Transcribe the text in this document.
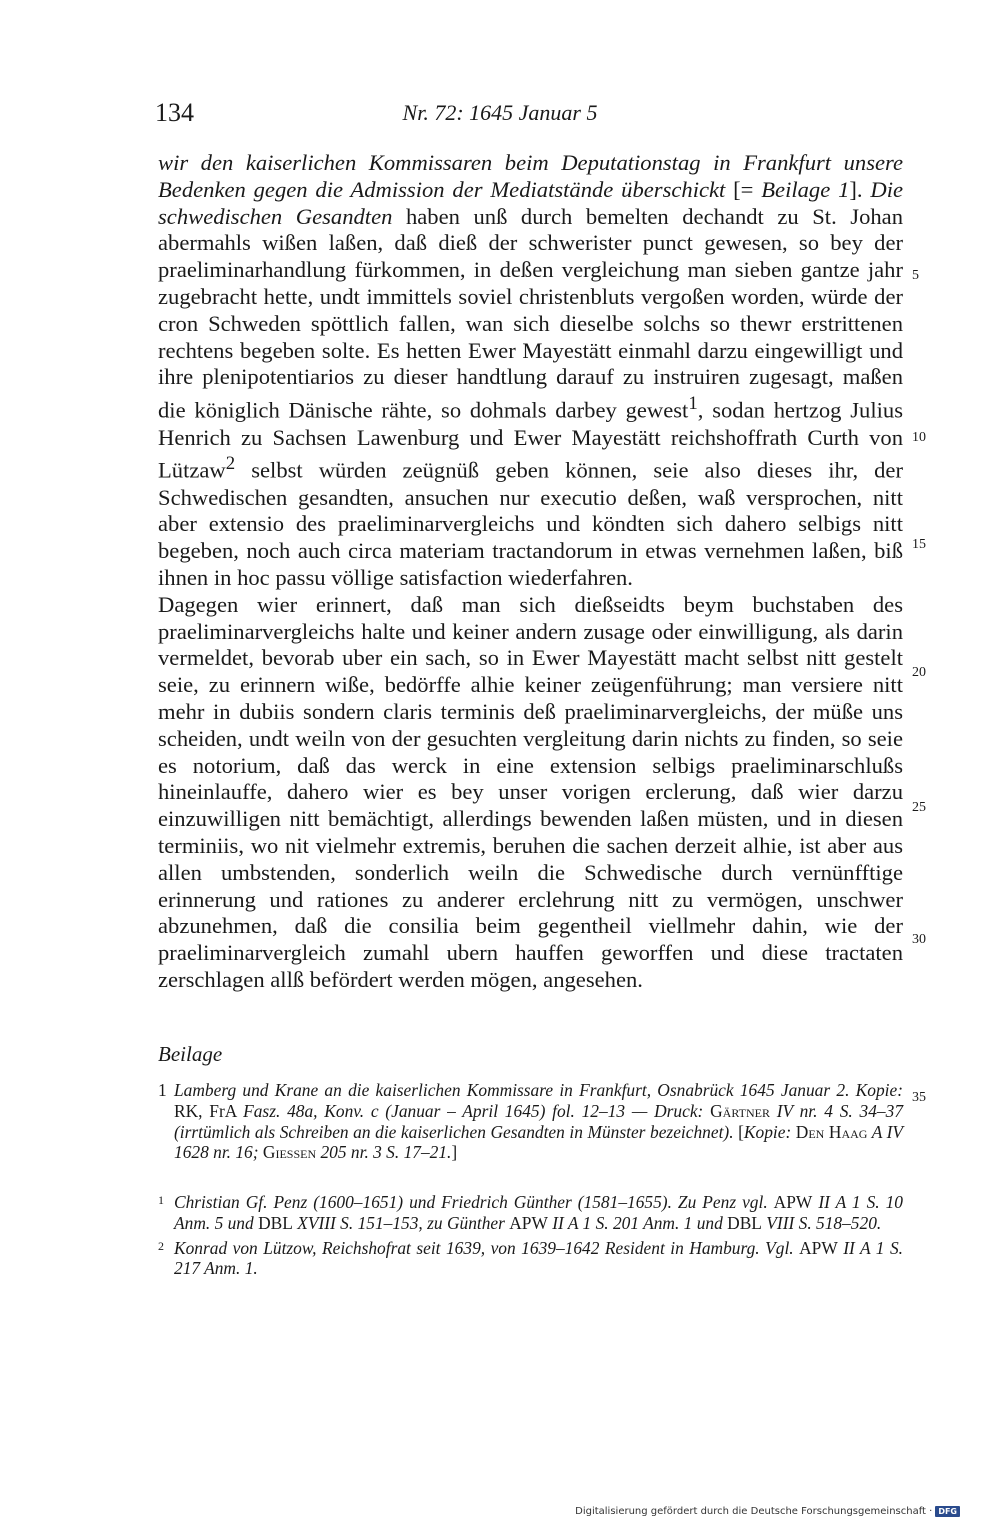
134	Nr. 72: 1645 Januar 5

wir den kaiserlichen Kommissaren beim Deputationstag in Frankfurt unsere Bedenken gegen die Admission der Mediatstände überschickt [= Beilage 1]. Die schwedischen Gesandten haben unß durch bemelten dechandt zu St. Johan abermahls wißen laßen, daß dieß der schwerister punct gewesen, so bey der praeliminarhandlung fürkommen, in deßen vergleichung man sieben gantze jahr zugebracht hette, undt immittels soviel christenbluts vergoßen worden, würde der cron Schweden spöttlich fallen, wan sich dieselbe solchs so thewr erstrittenen rechtens begeben solte. Es hetten Ewer Mayestätt einmahl darzu eingewilligt und ihre plenipotentiarios zu dieser handtlung darauf zu instruiren zugesagt, maßen die königlich Dänische rähte, so dohmals darbey gewest$^1$, sodan hertzog Julius Henrich zu Sachsen Lawenburg und Ewer Mayestätt reichshoffrath Curth von Lützaw$^2$ selbst würden zeügnüß geben können, seie also dieses ihr, der Schwedischen gesandten, ansuchen nur executio deßen, waß versprochen, nitt aber extensio des praeliminarvergleichs und köndten sich dahero selbigs nitt begeben, noch auch circa materiam tractandorum in etwas vernehmen laßen, biß ihnen in hoc passu völlige satisfaction wiederfahren.

Dagegen wier erinnert, daß man sich dießseidts beym buchstaben des praeliminarvergleichs halte und keiner andern zusage oder einwilligung, als darin vermeldet, bevorab uber ein sach, so in Ewer Mayestätt macht selbst nitt gestelt seie, zu erinnern wiße, bedörffe alhie keiner zeügenführung; man versiere nitt mehr in dubiis sondern claris terminis deß praeliminarvergleichs, der müße uns scheiden, undt weiln von der gesuchten vergleitung darin nichts zu finden, so seie es notorium, daß das werck in eine extension selbigs praeliminarschlußs hineinlauffe, dahero wier es bey unser vorigen erclerung, daß wier darzu einzuwilligen nitt bemächtigt, allerdings bewenden laßen müsten, und in diesen terminiis, wo nit vielmehr extremis, beruhen die sachen derzeit alhie, ist aber aus allen umbstenden, sonderlich weiln die Schwedische durch vernünfftige erinnerung und rationes zu anderer erclehrung nitt zu vermögen, unschwer abzunehmen, daß die consilia beim gegentheil viellmehr dahin, wie der praeliminarvergleich zumahl ubern hauffen geworffen und diese tractaten zerschlagen allß befördert werden mögen, angesehen.

5
10
15
20
25
30
35
Beilage
1 Lamberg und Krane an die kaiserlichen Kommissare in Frankfurt, Osnabrück 1645 Januar 2. Kopie: RK, FrA Fasz. 48a, Konv. c (Januar – April 1645) fol. 12–13 — Druck: Gärtner IV nr. 4 S. 34–37 (irrtümlich als Schreiben an die kaiserlichen Gesandten in Münster bezeichnet). [Kopie: Den Haag A IV 1628 nr. 16; Giessen 205 nr. 3 S. 17–21.]
1 Christian Gf. Penz (1600–1651) und Friedrich Günther (1581–1655). Zu Penz vgl. APW II A 1 S. 10 Anm. 5 und DBL XVIII S. 151–153, zu Günther APW II A 1 S. 201 Anm. 1 und DBL VIII S. 518–520.
2 Konrad von Lützow, Reichshofrat seit 1639, von 1639–1642 Resident in Hamburg. Vgl. APW II A 1 S. 217 Anm. 1.
Digitalisierung gefördert durch die Deutsche Forschungsgemeinschaft · DFG
